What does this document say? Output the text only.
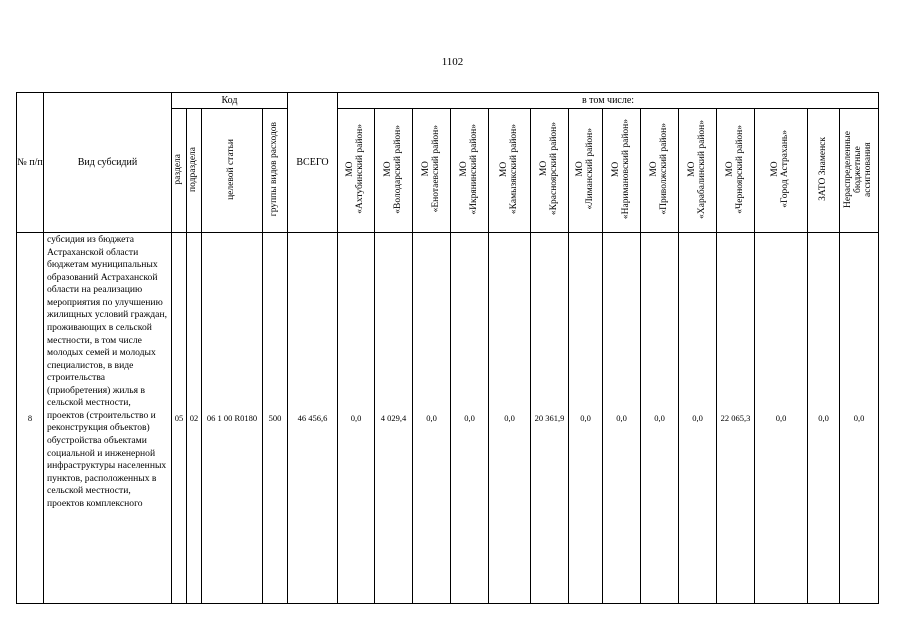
1102
№ п/п	Вид субсидий	Код				ВСЕГО	в том числе:													
		раздела	подраздела	целевой статьи	группы видов расходов		МО «Ахтубинский район»	МО «Володарский район»	МО «Енотаевский район»	МО «Икрянинский район»	МО «Камызякский район»	МО «Красноярский район»	МО «Лиманский район»	МО «Наримановский район»	МО «Приволжский район»	МО «Харабалинский район»	МО «Черноярский район»	МО «Город Астрахань»	ЗАТО Знаменск	Нераспределенные бюджетные ассигнования

8	субсидия из бюджета Астраханской области бюджетам муниципальных образований Астраханской области на реализацию мероприятия по улучшению жилищных условий граждан, проживающих в сельской местности, в том числе молодых семей и молодых специалистов, в виде строительства (приобретения) жилья в сельской местности, проектов (строительство и реконструкция объектов) обустройства объектами социальной и инженерной инфраструктуры населенных пунктов, расположенных в сельской местности, проектов комплексного	05	02	06 1 00 R0180	500	46 456,6	0,0	4 029,4	0,0	0,0	0,0	20 361,9	0,0	0,0	0,0	0,0	22 065,3	0,0	0,0	0,0
